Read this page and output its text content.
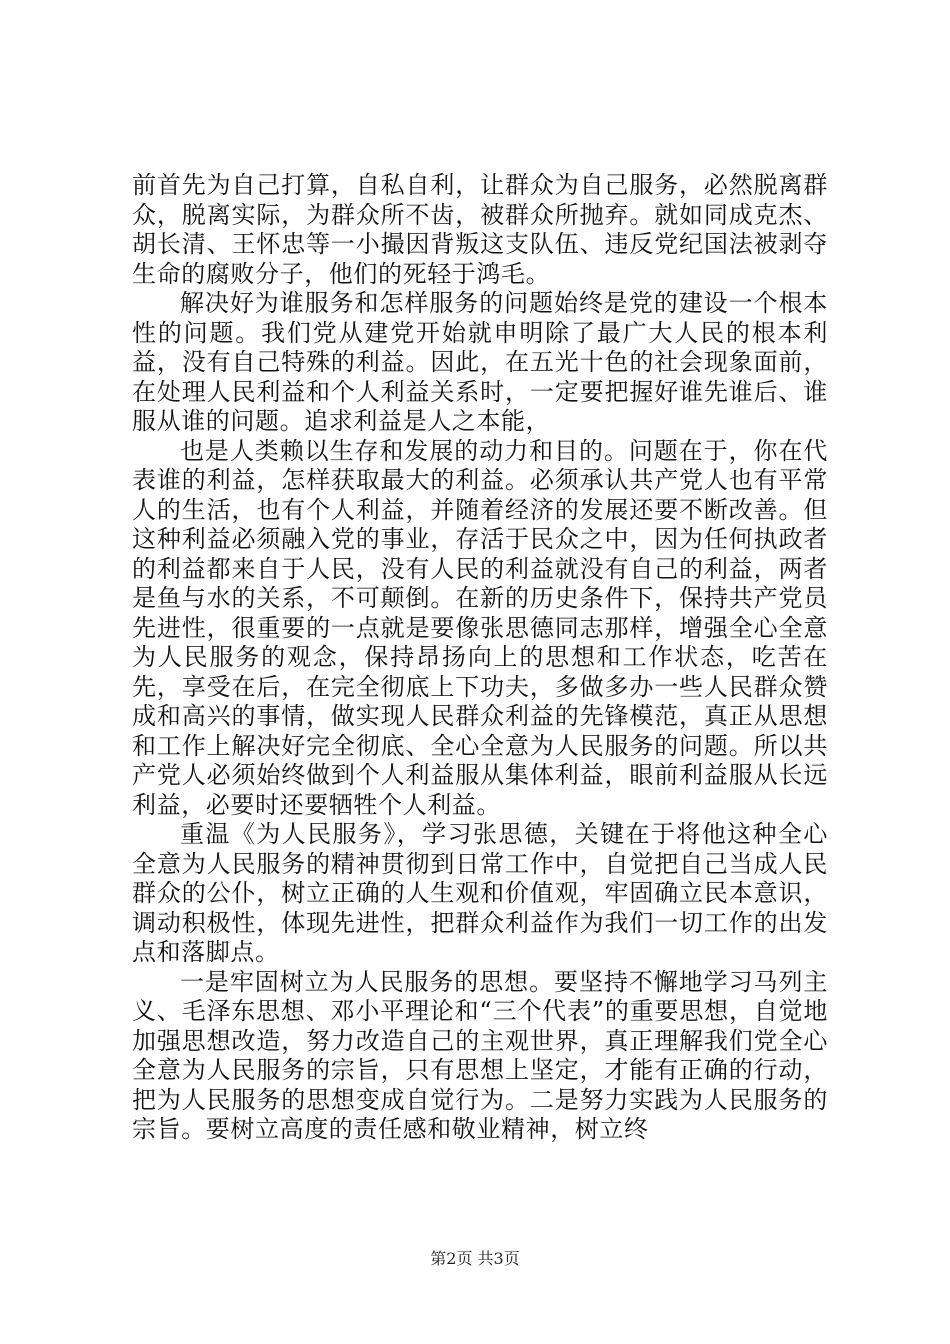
前首先为自己打算，自私自利，让群众为自己服务，必然脱离群众，脱离实际，为群众所不齿，被群众所抛弃。就如同成克杰、胡长清、王怀忠等一小撮因背叛这支队伍、违反党纪国法被剥夺生命的腐败分子，他们的死轻于鸿毛。

解决好为谁服务和怎样服务的问题始终是党的建设一个根本性的问题。我们党从建党开始就申明除了最广大人民的根本利益，没有自己特殊的利益。因此，在五光十色的社会现象面前，在处理人民利益和个人利益关系时，一定要把握好谁先谁后、谁服从谁的问题。追求利益是人之本能，

也是人类赖以生存和发展的动力和目的。问题在于，你在代表谁的利益，怎样获取最大的利益。必须承认共产党人也有平常人的生活，也有个人利益，并随着经济的发展还要不断改善。但这种利益必须融入党的事业，存活于民众之中，因为任何执政者的利益都来自于人民，没有人民的利益就没有自己的利益，两者是鱼与水的关系，不可颠倒。在新的历史条件下，保持共产党员先进性，很重要的一点就是要像张思德同志那样，增强全心全意为人民服务的观念，保持昂扬向上的思想和工作状态，吃苦在先，享受在后，在完全彻底上下功夫，多做多办一些人民群众赞成和高兴的事情，做实现人民群众利益的先锋模范，真正从思想和工作上解决好完全彻底、全心全意为人民服务的问题。所以共产党人必须始终做到个人利益服从集体利益，眼前利益服从长远利益，必要时还要牺牲个人利益。

重温《为人民服务》，学习张思德，关键在于将他这种全心全意为人民服务的精神贯彻到日常工作中，自觉把自己当成人民群众的公仆，树立正确的人生观和价值观，牢固确立民本意识，调动积极性，体现先进性，把群众利益作为我们一切工作的出发点和落脚点。

一是牢固树立为人民服务的思想。要坚持不懈地学习马列主义、毛泽东思想、邓小平理论和“三个代表”的重要思想，自觉地加强思想改造，努力改造自己的主观世界，真正理解我们党全心全意为人民服务的宗旨，只有思想上坚定，才能有正确的行动，把为人民服务的思想变成自觉行为。二是努力实践为人民服务的宗旨。要树立高度的责任感和敬业精神，树立终

第2页 共3页
